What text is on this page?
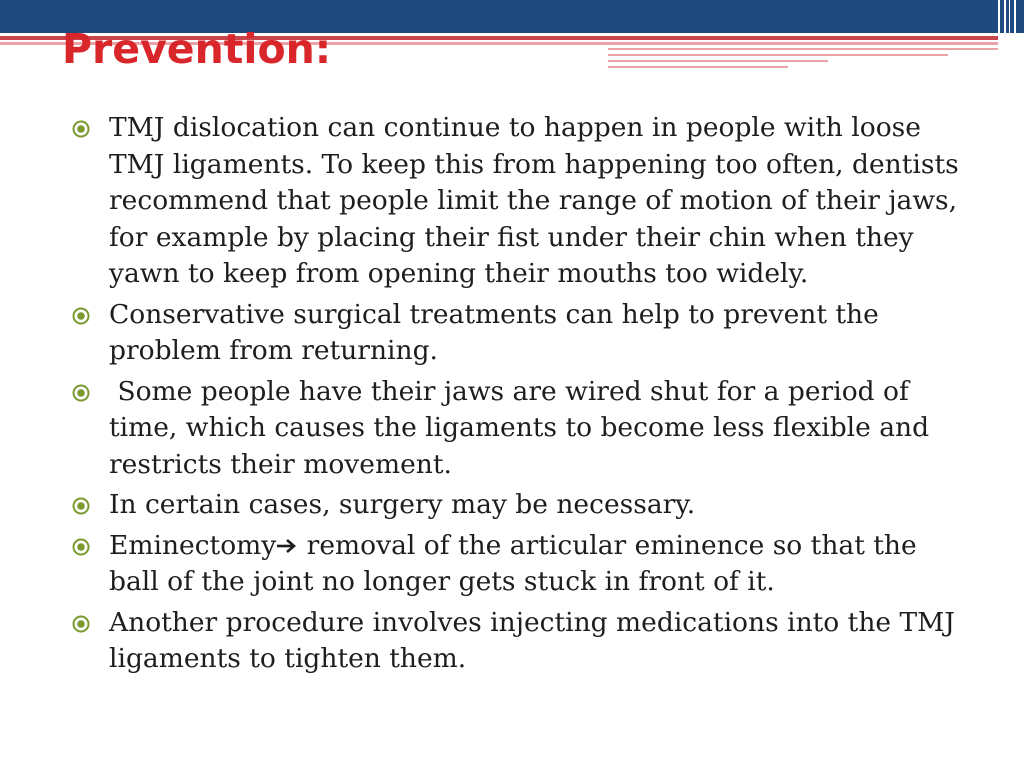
Prevention:
TMJ dislocation can continue to happen in people with loose TMJ ligaments. To keep this from happening too often, dentists recommend that people limit the range of motion of their jaws, for example by placing their fist under their chin when they yawn to keep from opening their mouths too widely.
Conservative surgical treatments can help to prevent the problem from returning.
Some people have their jaws are wired shut for a period of time, which causes the ligaments to become less flexible and restricts their movement.
In certain cases, surgery may be necessary.
Eminectomy removal of the articular eminence so that the ball of the joint no longer gets stuck in front of it.
Another procedure involves injecting medications into the TMJ ligaments to tighten them.
